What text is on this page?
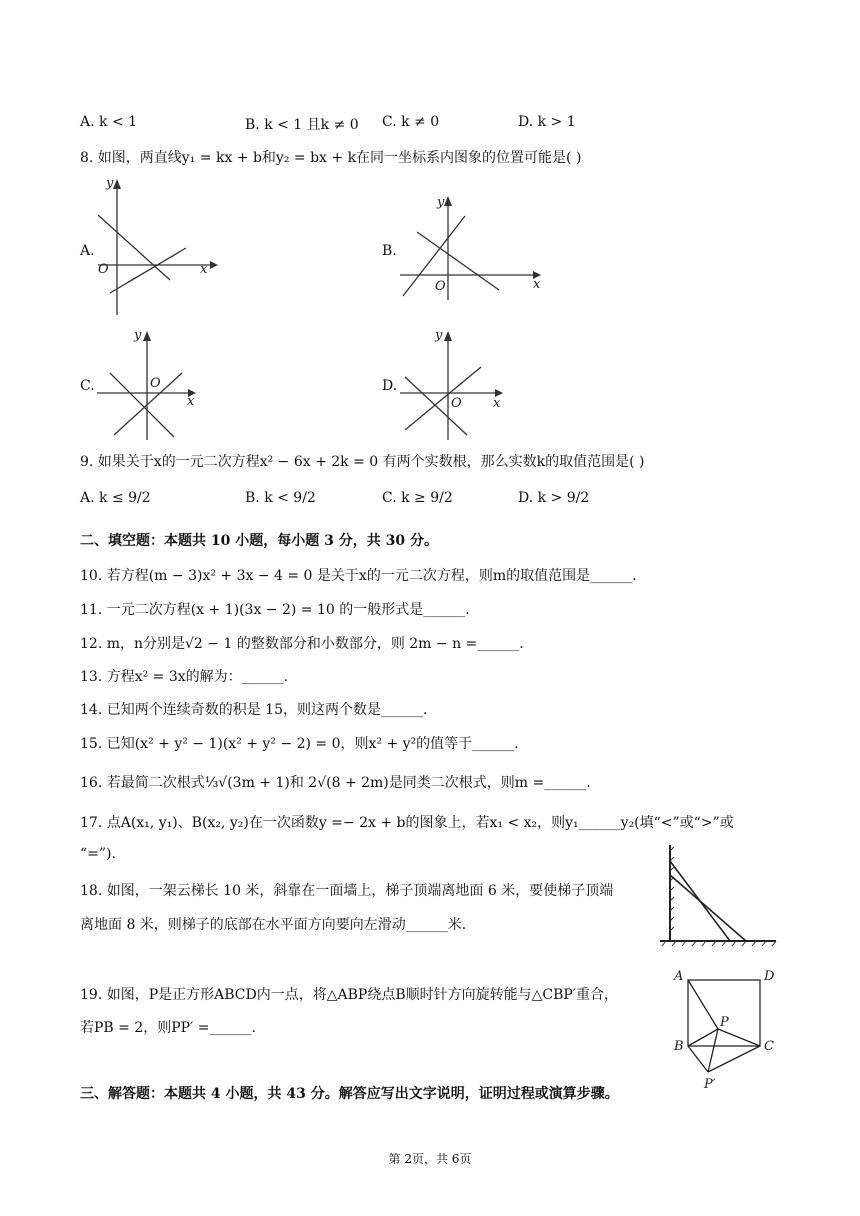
A. k < 1	B. k < 1 且k ≠ 0 C. k ≠ 0	D. k > 1
8. 如图，两直线y₁ = kx + b和y₂ = bx + k在同一坐标系内图象的位置可能是( )
A.
y
x
O
B.
y
x
O
C.
y
x
O	D.
y
x
O
9. 如果关于x的一元二次方程x² − 6x + 2k = 0 有两个实数根，那么实数k的取值范围是( )
A. k ≤ 9/2	B. k < 9/2	C. k ≥ 9/2	D. k > 9/2
二、填空题：本题共 10 小题，每小题 3 分，共 30 分。
10. 若方程(m − 3)x² + 3x − 4 = 0 是关于x的一元二次方程，则m的取值范围是______.
11. 一元二次方程(x + 1)(3x − 2) = 10 的一般形式是______.
12. m，n分别是√2 − 1 的整数部分和小数部分，则 2m − n =______.
13. 方程x² = 3x的解为：______.
14. 已知两个连续奇数的积是 15，则这两个数是______.
15. 已知(x² + y² − 1)(x² + y² − 2) = 0，则x² + y²的值等于______.
16. 若最简二次根式⅓√(3m + 1)和 2√(8 + 2m)是同类二次根式，则m =______.
17. 点A(x₁, y₁)、B(x₂, y₂)在一次函数y =− 2x + b的图象上，若x₁ < x₂，则y₁______y₂(填“<”或“>”或
“=”).
18. 如图，一架云梯长 10 米，斜靠在一面墙上，梯子顶端离地面 6 米，要使梯子顶端
离地面 8 米，则梯子的底部在水平面方向要向左滑动______米.
19. 如图，P是正方形ABCD内一点，将△ABP绕点B顺时针方向旋转能与△CBP′重合，
若PB = 2，则PP′ =______.
A	D
P
B	C
P′
三、解答题：本题共 4 小题，共 43 分。解答应写出文字说明，证明过程或演算步骤。
第 2页，共 6页
